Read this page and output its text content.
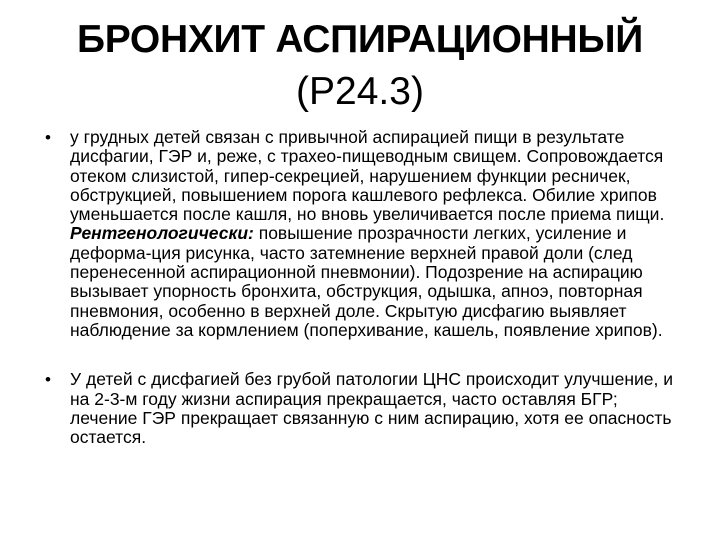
БРОНХИТ АСПИРАЦИОННЫЙ
(Р24.3)
•	у грудных детей связан с привычной аспирацией пищи в результате дисфагии, ГЭР и, реже, с трахео-пищеводным свищем. Сопровождается отеком слизистой, гипер-секрецией, нарушением функции ресничек, обструкцией, повышением порога кашлевого рефлекса. Обилие хрипов уменьшается после кашля, но вновь увеличивается после приема пищи. Рентгенологически: повышение прозрачности легких, усиление и деформа-ция рисунка, часто затемнение верхней правой доли (след перенесенной аспирационной пневмонии). Подозрение на аспирацию вызывает упорность бронхита, обструкция, одышка, апноэ, повторная пневмония, особенно в верхней доле. Скрытую дисфагию выявляет наблюдение за кормлением (поперхивание, кашель, появление хрипов).
•	У детей с дисфагией без грубой патологии ЦНС происходит улучшение, и на 2-3-м году жизни аспирация прекращается, часто оставляя БГР; лечение ГЭР прекращает связанную с ним аспирацию, хотя ее опасность остается.
